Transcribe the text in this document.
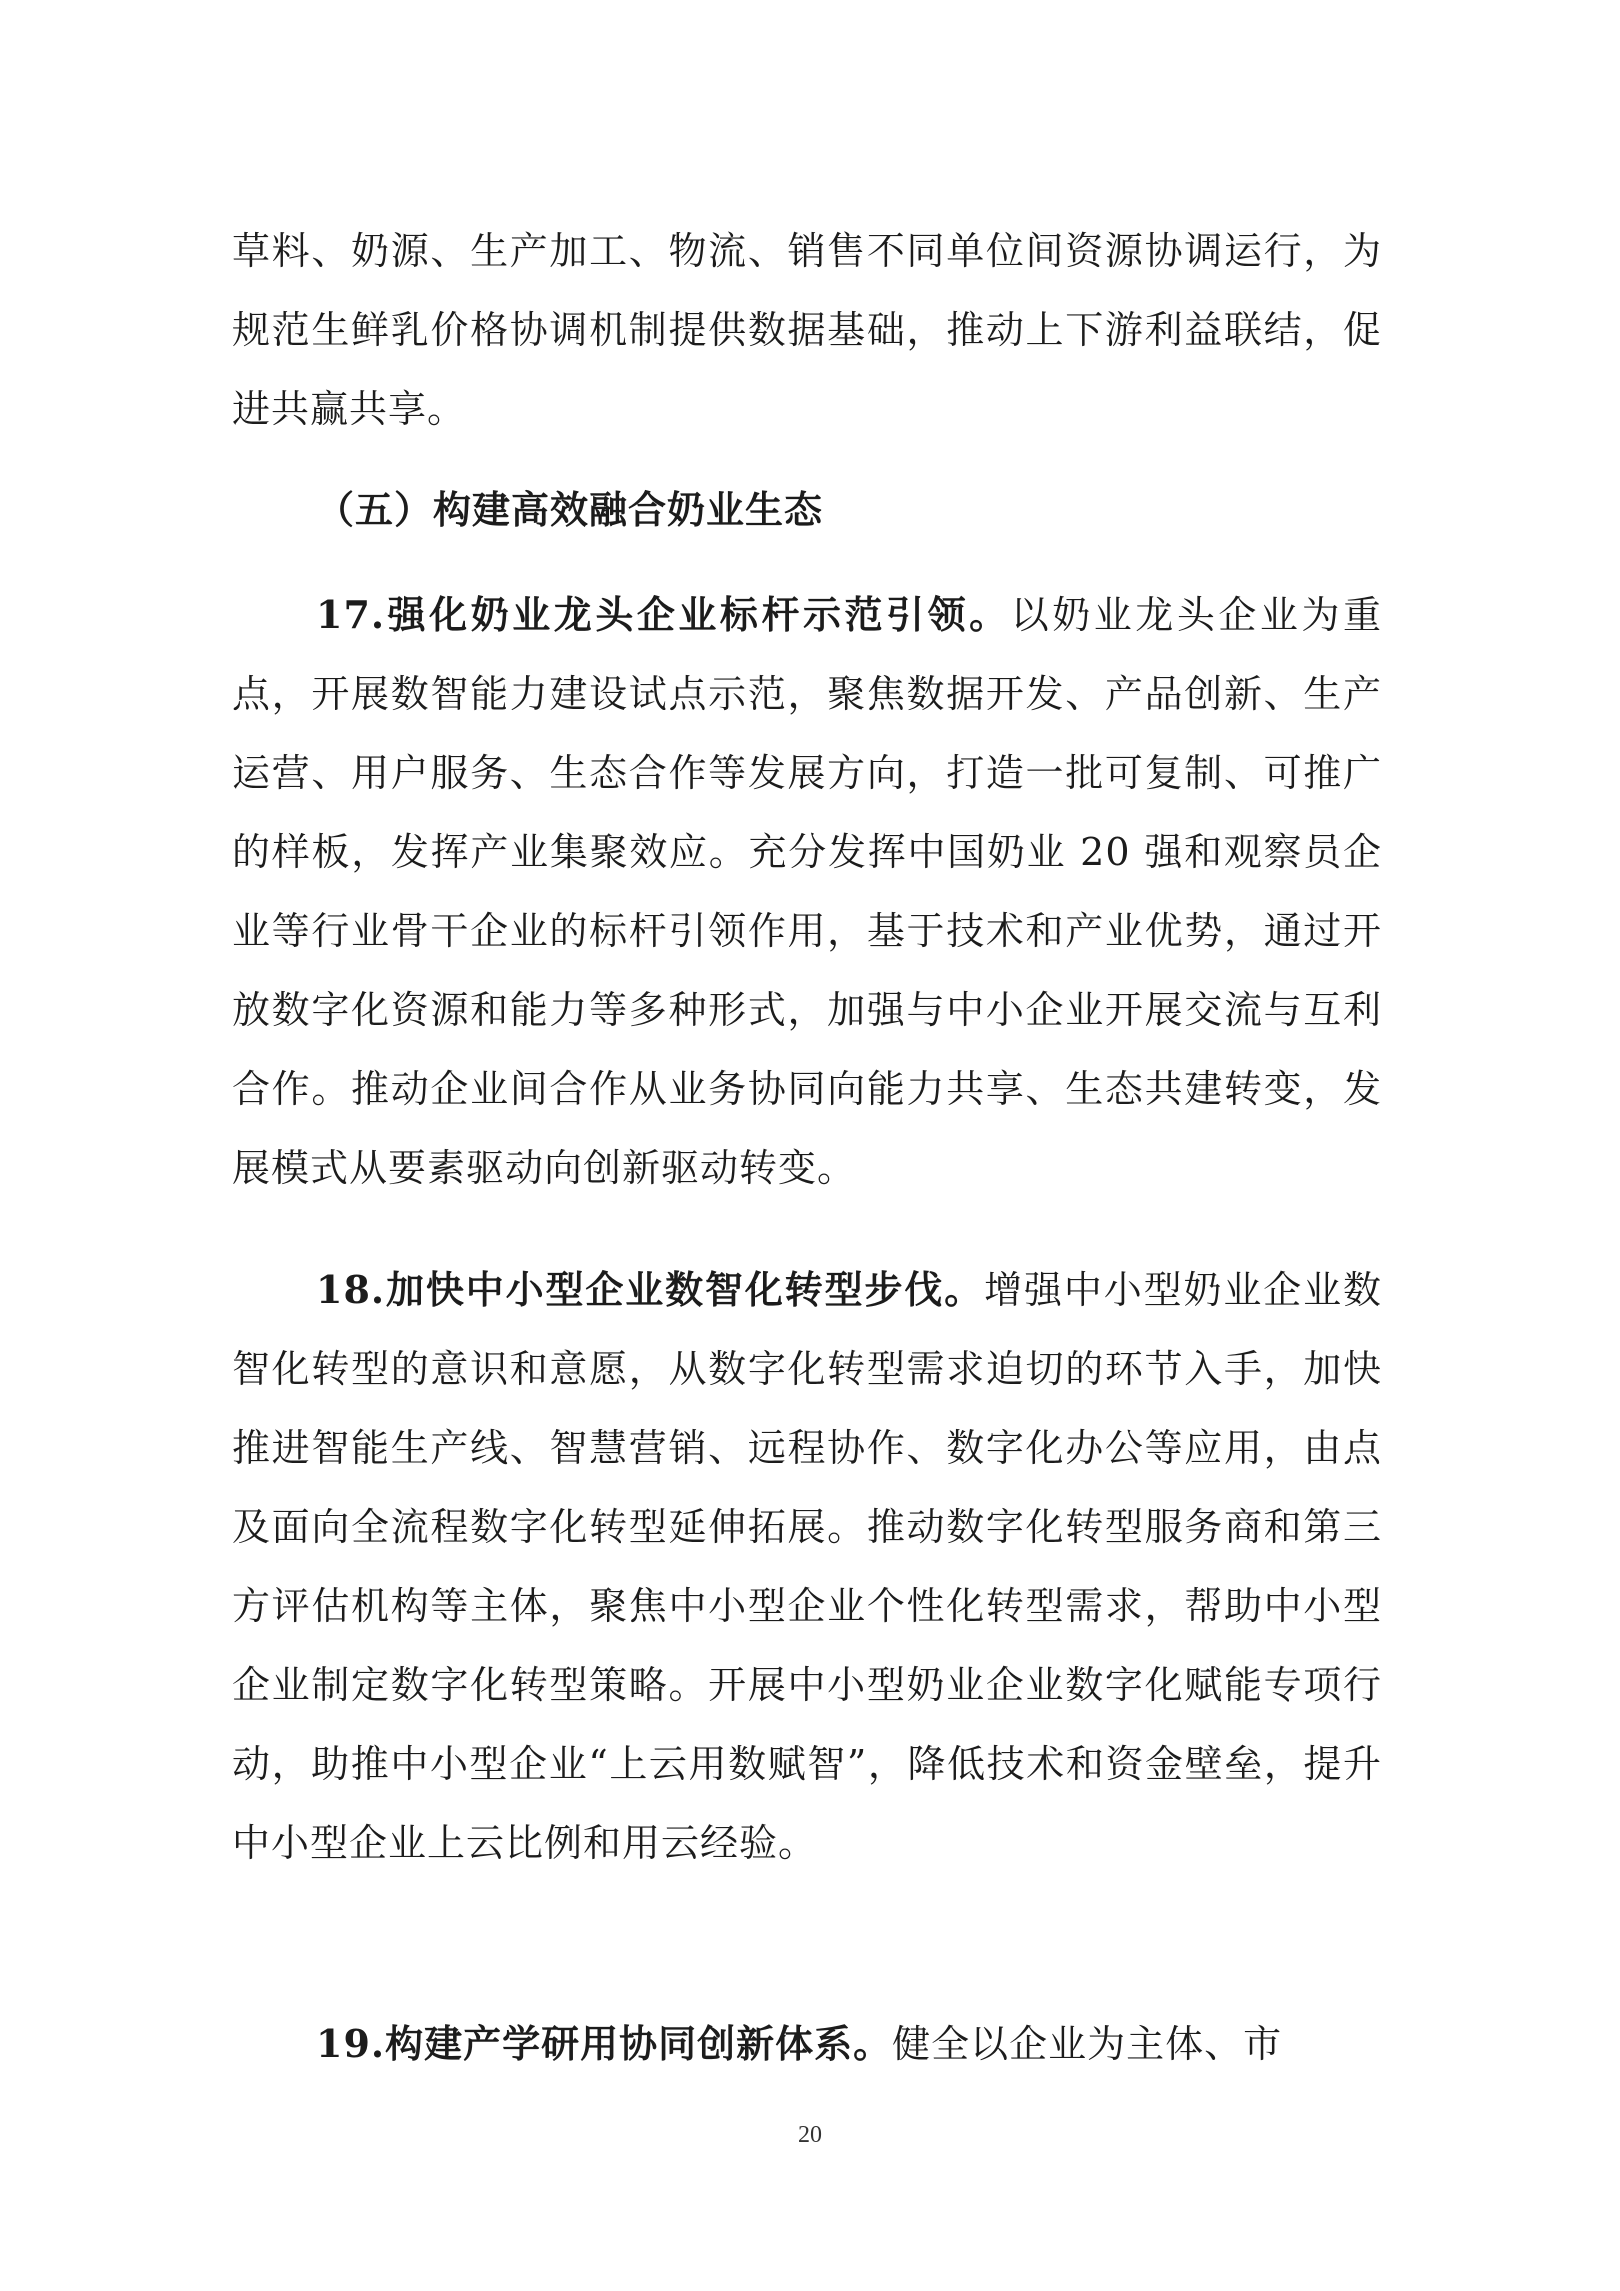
草料、奶源、生产加工、物流、销售不同单位间资源协调运行，为规范生鲜乳价格协调机制提供数据基础，推动上下游利益联结，促进共赢共享。

（五）构建高效融合奶业生态

17.强化奶业龙头企业标杆示范引领。以奶业龙头企业为重点，开展数智能力建设试点示范，聚焦数据开发、产品创新、生产运营、用户服务、生态合作等发展方向，打造一批可复制、可推广的样板，发挥产业集聚效应。充分发挥中国奶业 20 强和观察员企业等行业骨干企业的标杆引领作用，基于技术和产业优势，通过开放数字化资源和能力等多种形式，加强与中小企业开展交流与互利合作。推动企业间合作从业务协同向能力共享、生态共建转变，发展模式从要素驱动向创新驱动转变。

18.加快中小型企业数智化转型步伐。增强中小型奶业企业数智化转型的意识和意愿，从数字化转型需求迫切的环节入手，加快推进智能生产线、智慧营销、远程协作、数字化办公等应用，由点及面向全流程数字化转型延伸拓展。推动数字化转型服务商和第三方评估机构等主体，聚焦中小型企业个性化转型需求，帮助中小型企业制定数字化转型策略。开展中小型奶业企业数字化赋能专项行动，助推中小型企业“上云用数赋智”，降低技术和资金壁垒，提升中小型企业上云比例和用云经验。

19.构建产学研用协同创新体系。健全以企业为主体、市

20
